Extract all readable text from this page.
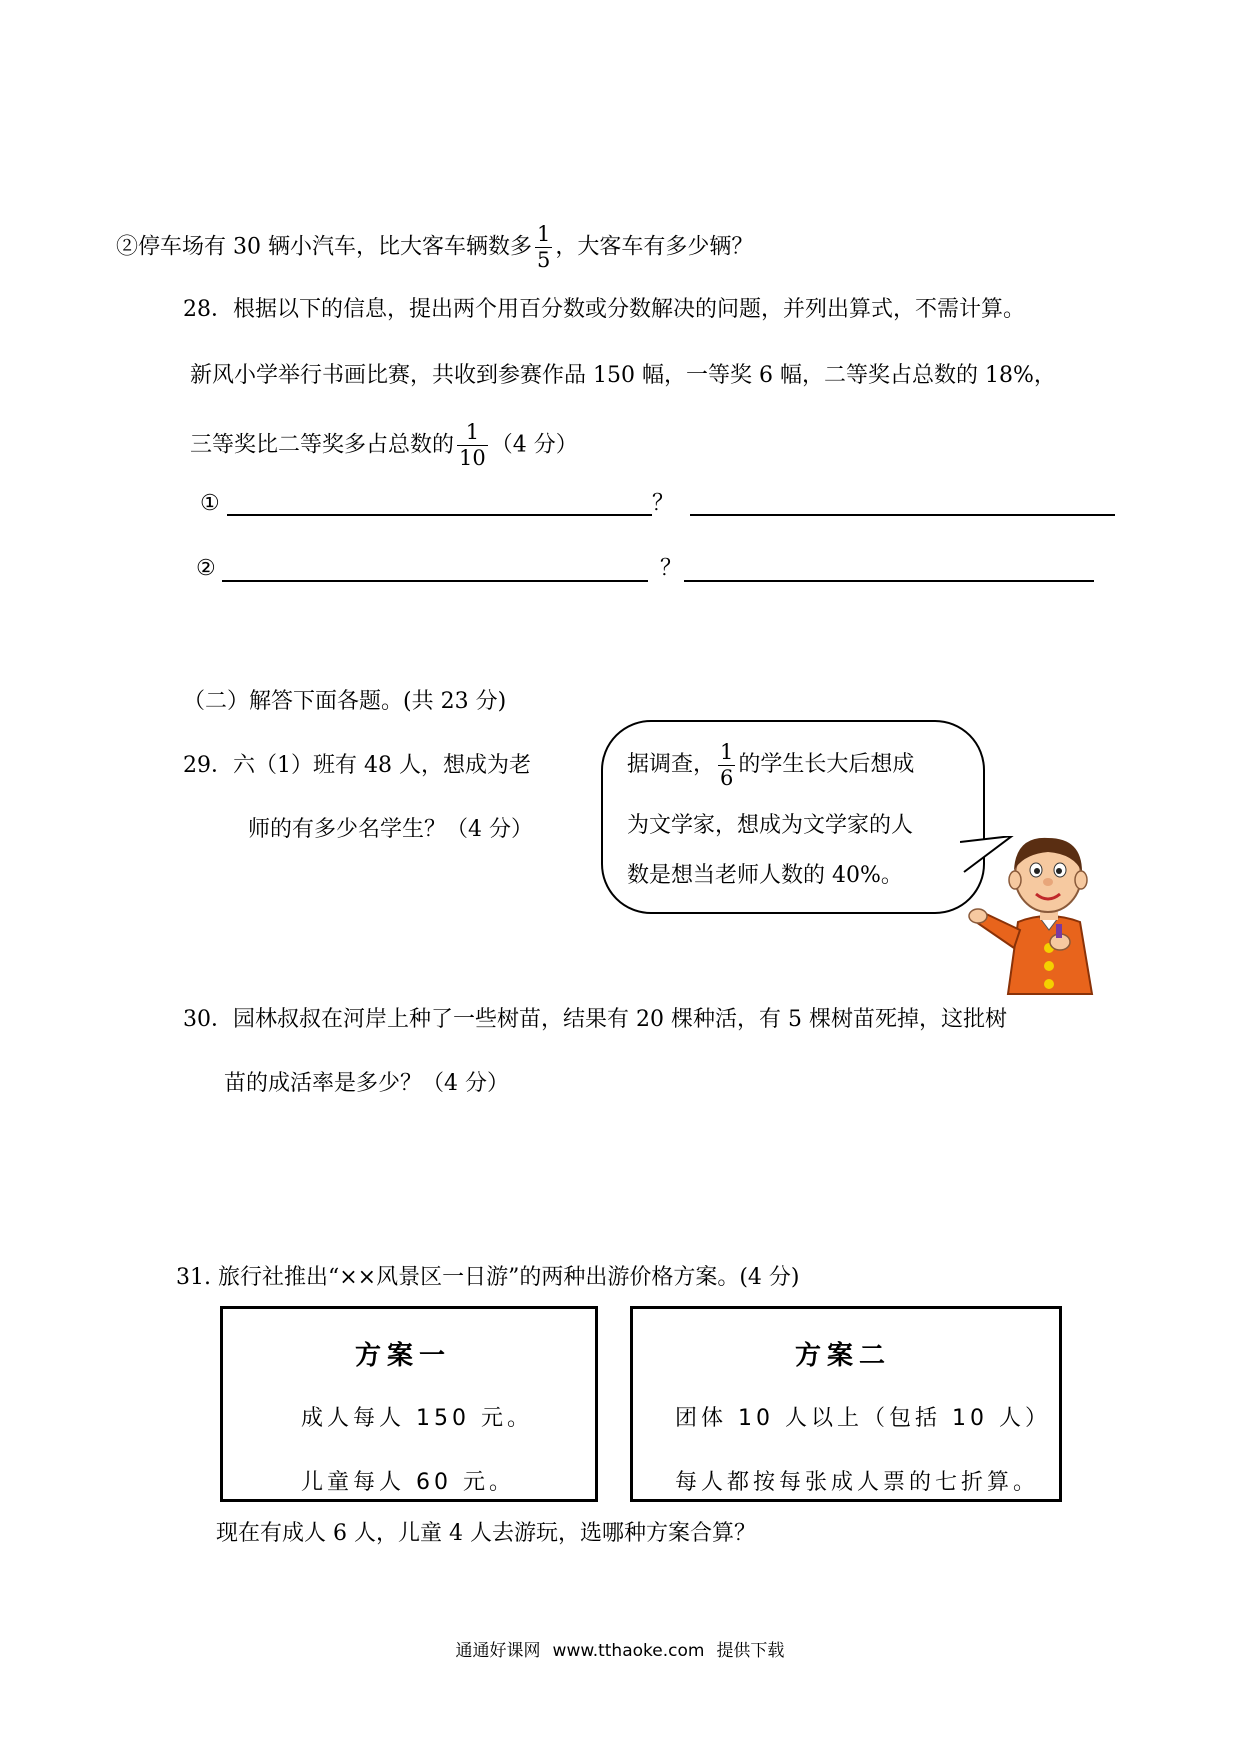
②停车场有 30 辆小汽车，比大客车辆数多 $\frac{1}{5}$ ，大客车有多少辆？
28．根据以下的信息，提出两个用百分数或分数解决的问题，并列出算式，不需计算。
新风小学举行书画比赛，共收到参赛作品 150 幅，一等奖 6 幅，二等奖占总数的 18%，
三等奖比二等奖多占总数的 $\frac{1}{10} (4$ 分）
①	？
②	？
（二）解答下面各题。(共 23 分)
29．六（1）班有 48 人，想成为老
师的有多少名学生？（4 分）
据调查， $\frac{1}{6}$ 的学生长大后想成
为文学家，想成为文学家的人
数是想当老师人数的 40%。
30．园林叔叔在河岸上种了一些树苗，结果有 20 棵种活，有 5 棵树苗死掉，这批树
苗的成活率是多少？（4 分）
31. 旅行社推出“××风景区一日游”的两种出游价格方案。(4 分)
方案一
成人每人 150 元。
儿童每人 60 元。
方案二
团体 10 人以上（包括 10 人）
每人都按每张成人票的七折算。
现在有成人 6 人，儿童 4 人去游玩，选哪种方案合算？
通通好课网 www.tthaoke.com 提供下载
